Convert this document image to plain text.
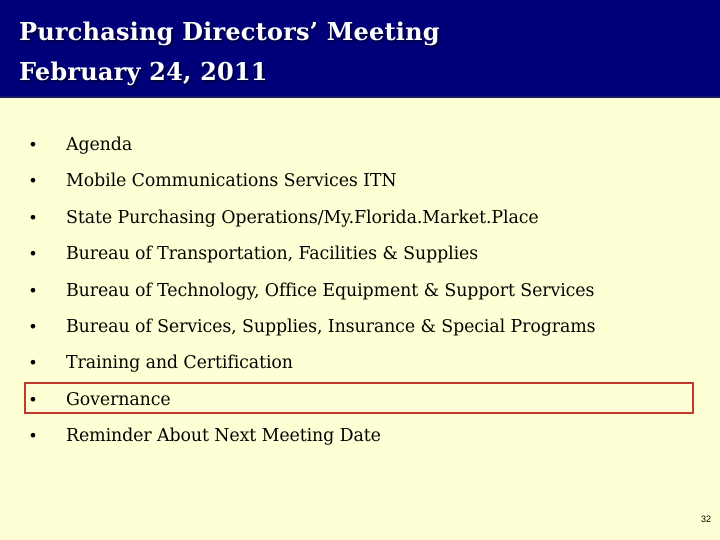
Purchasing Directors’ Meeting
February 24, 2011
• Agenda
• Mobile Communications Services ITN
• State Purchasing Operations/My.Florida.Market.Place
• Bureau of Transportation, Facilities & Supplies
• Bureau of Technology, Office Equipment & Support Services
• Bureau of Services, Supplies, Insurance & Special Programs
• Training and Certification
• Governance
• Reminder About Next Meeting Date
32
